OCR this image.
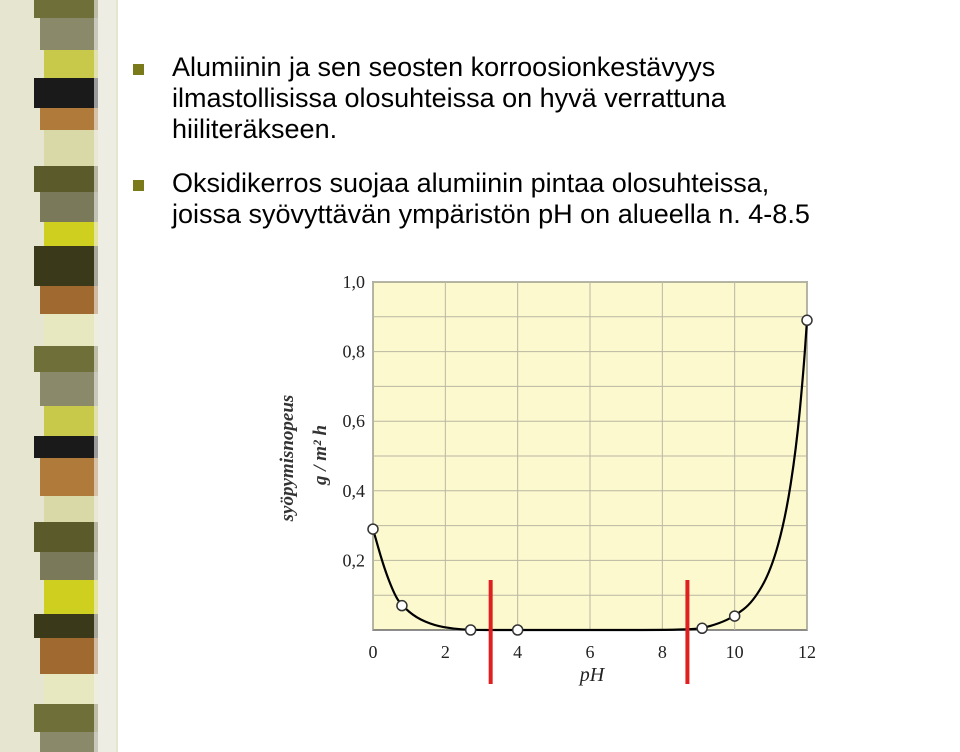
Alumiinin ja sen seosten korroosionkestävyys
ilmastollisissa olosuhteissa on hyvä verrattuna
hiiliteräkseen.
Oksidikerros suojaa alumiinin pintaa olosuhteissa,
joissa syövyttävän ympäristön pH on alueella n. 4-8.5
0	2	4	6	8	10	12
0,2
0,4
0,6
0,8
1,0
pH
syöpymisnopeus g / m² h
